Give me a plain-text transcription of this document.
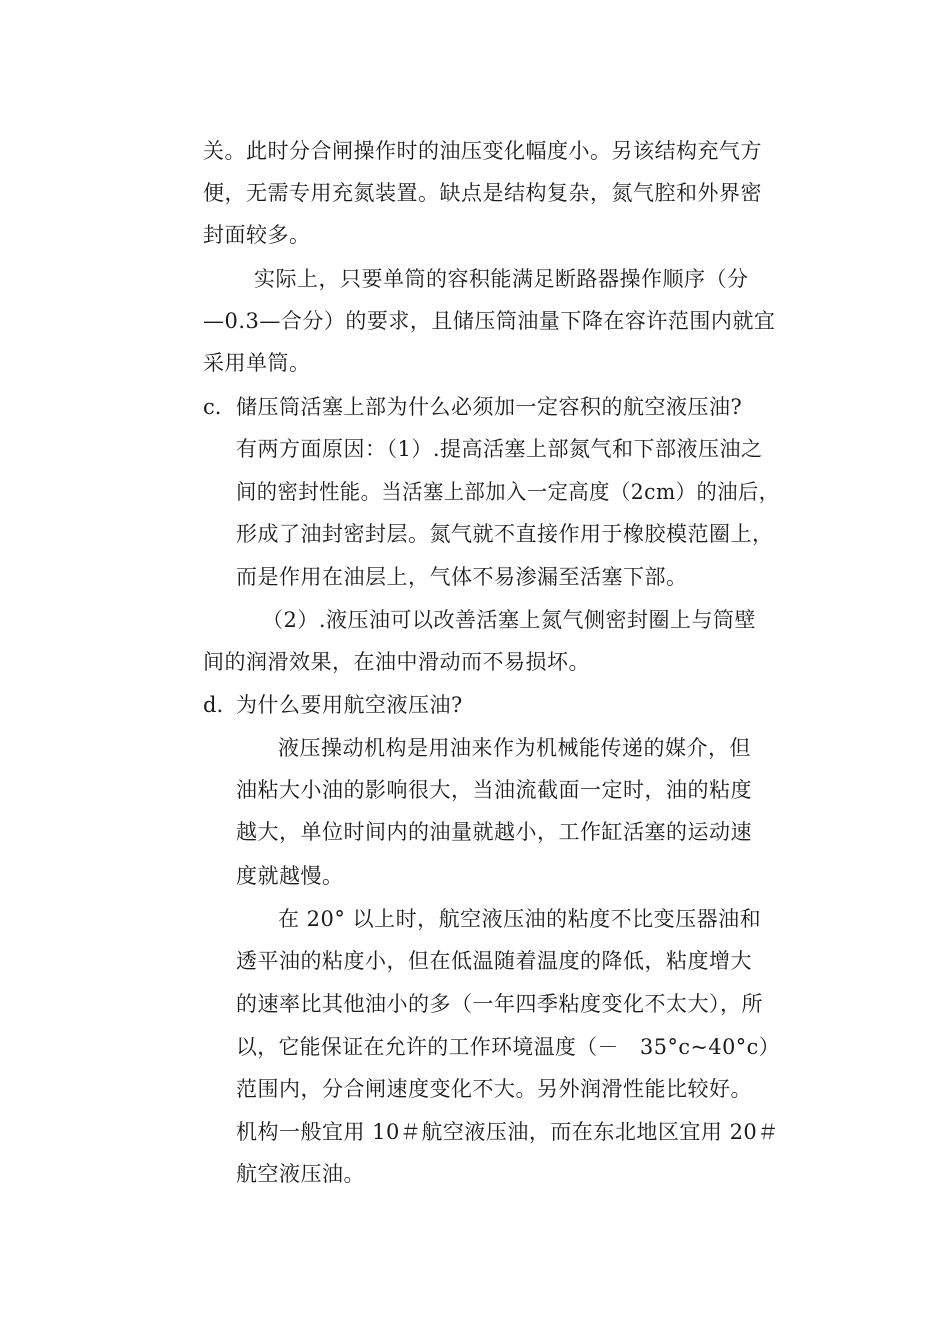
关。此时分合闸操作时的油压变化幅度小。另该结构充气方
便，无需专用充氮装置。缺点是结构复杂，氮气腔和外界密
封面较多。
实际上，只要单筒的容积能满足断路器操作顺序（分
—0.3—合分）的要求，且储压筒油量下降在容许范围内就宜
采用单筒。
c. 储压筒活塞上部为什么必须加一定容积的航空液压油?
有两方面原因：（1）.提高活塞上部氮气和下部液压油之
间的密封性能。当活塞上部加入一定高度（2cm）的油后，
形成了油封密封层。氮气就不直接作用于橡胶模范圈上，
而是作用在油层上，气体不易渗漏至活塞下部。
（2）.液压油可以改善活塞上氮气侧密封圈上与筒壁
间的润滑效果，在油中滑动而不易损坏。
d. 为什么要用航空液压油?
液压操动机构是用油来作为机械能传递的媒介，但
油粘大小油的影响很大，当油流截面一定时，油的粘度
越大，单位时间内的油量就越小，工作缸活塞的运动速
度就越慢。
在 20° 以上时，航空液压油的粘度不比变压器油和
透平油的粘度小，但在低温随着温度的降低，粘度增大
的速率比其他油小的多（一年四季粘度变化不太大），所
以，它能保证在允许的工作环境温度（－　35°c~40°c）
范围内，分合闸速度变化不大。另外润滑性能比较好。
机构一般宜用 10＃航空液压油，而在东北地区宜用 20＃
航空液压油。
